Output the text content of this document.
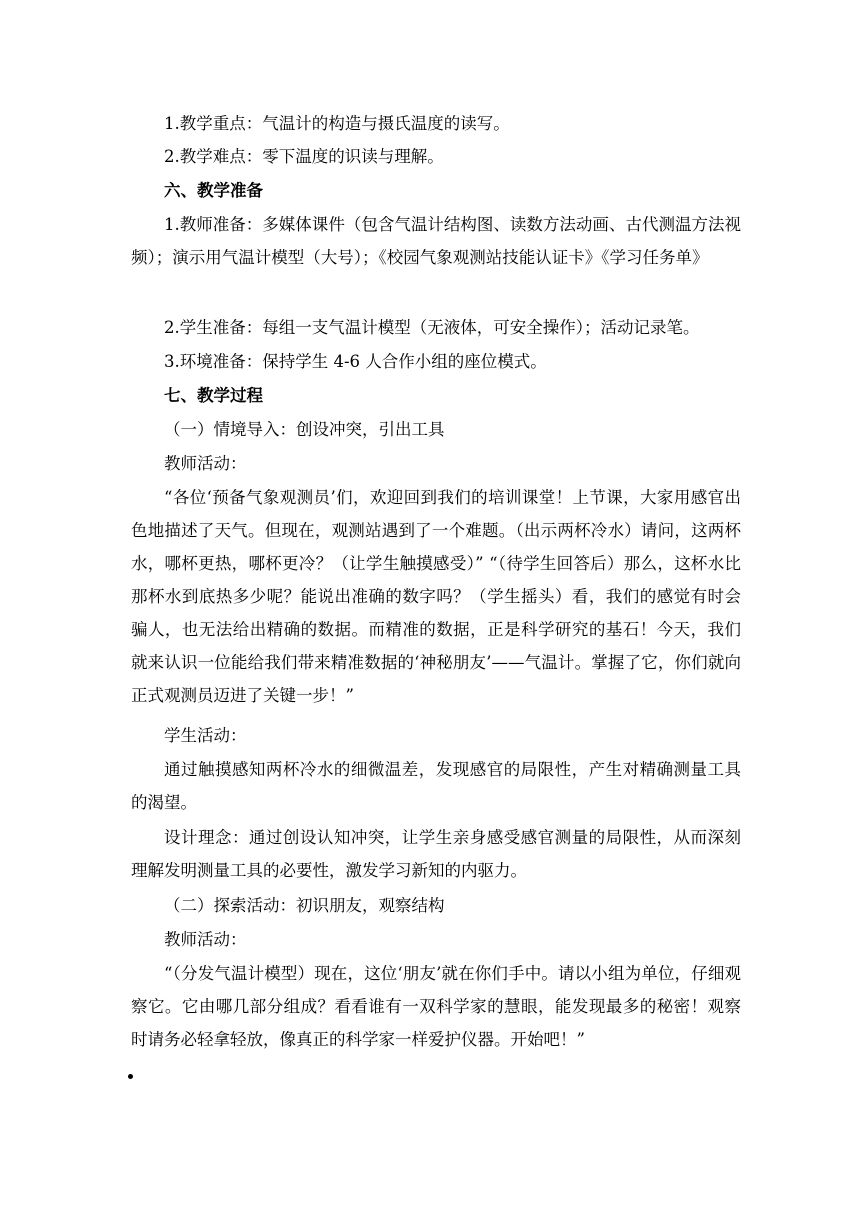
1.教学重点：气温计的构造与摄氏温度的读写。

2.教学难点：零下温度的识读与理解。

六、教学准备

1.教师准备：多媒体课件（包含气温计结构图、读数方法动画、古代测温方法视频）；演示用气温计模型（大号）；《校园气象观测站技能认证卡》《学习任务单》

2.学生准备：每组一支气温计模型（无液体，可安全操作）；活动记录笔。

3.环境准备：保持学生 4-6 人合作小组的座位模式。

七、教学过程

（一）情境导入：创设冲突，引出工具

教师活动：

“各位‘预备气象观测员’们，欢迎回到我们的培训课堂！上节课，大家用感官出色地描述了天气。但现在，观测站遇到了一个难题。（出示两杯冷水）请问，这两杯水，哪杯更热，哪杯更冷？（让学生触摸感受）” “（待学生回答后）那么，这杯水比那杯水到底热多少呢？能说出准确的数字吗？（学生摇头）看，我们的感觉有时会骗人，也无法给出精确的数据。而精准的数据，正是科学研究的基石！今天，我们就来认识一位能给我们带来精准数据的‘神秘朋友’——气温计。掌握了它，你们就向正式观测员迈进了关键一步！”

学生活动：

通过触摸感知两杯冷水的细微温差，发现感官的局限性，产生对精确测量工具的渴望。

设计理念：通过创设认知冲突，让学生亲身感受感官测量的局限性，从而深刻理解发明测量工具的必要性，激发学习新知的内驱力。

（二）探索活动：初识朋友，观察结构

教师活动：

“（分发气温计模型）现在，这位‘朋友’就在你们手中。请以小组为单位，仔细观察它。它由哪几部分组成？看看谁有一双科学家的慧眼，能发现最多的秘密！观察时请务必轻拿轻放，像真正的科学家一样爱护仪器。开始吧！”
